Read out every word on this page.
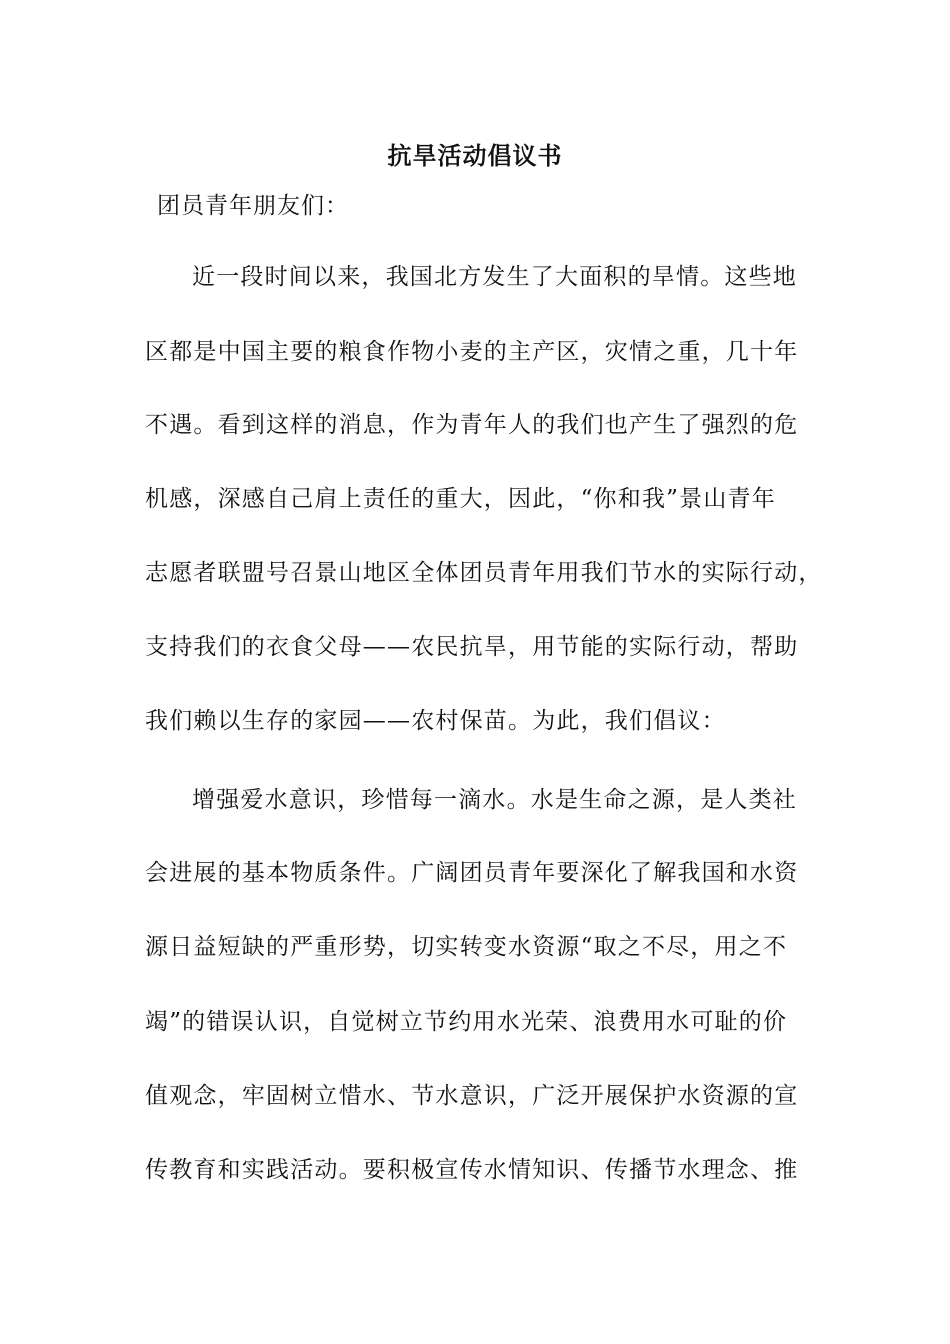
抗旱活动倡议书
团员青年朋友们：
近一段时间以来，我国北方发生了大面积的旱情。这些地
区都是中国主要的粮食作物小麦的主产区，灾情之重，几十年
不遇。看到这样的消息，作为青年人的我们也产生了强烈的危
机感，深感自己肩上责任的重大，因此，“你和我”景山青年
志愿者联盟号召景山地区全体团员青年用我们节水的实际行动，
支持我们的衣食父母——农民抗旱，用节能的实际行动，帮助
我们赖以生存的家园——农村保苗。为此，我们倡议：
增强爱水意识，珍惜每一滴水。水是生命之源，是人类社
会进展的基本物质条件。广阔团员青年要深化了解我国和水资
源日益短缺的严重形势，切实转变水资源“取之不尽，用之不
竭”的错误认识，自觉树立节约用水光荣、浪费用水可耻的价
值观念，牢固树立惜水、节水意识，广泛开展保护水资源的宣
传教育和实践活动。要积极宣传水情知识、传播节水理念、推
